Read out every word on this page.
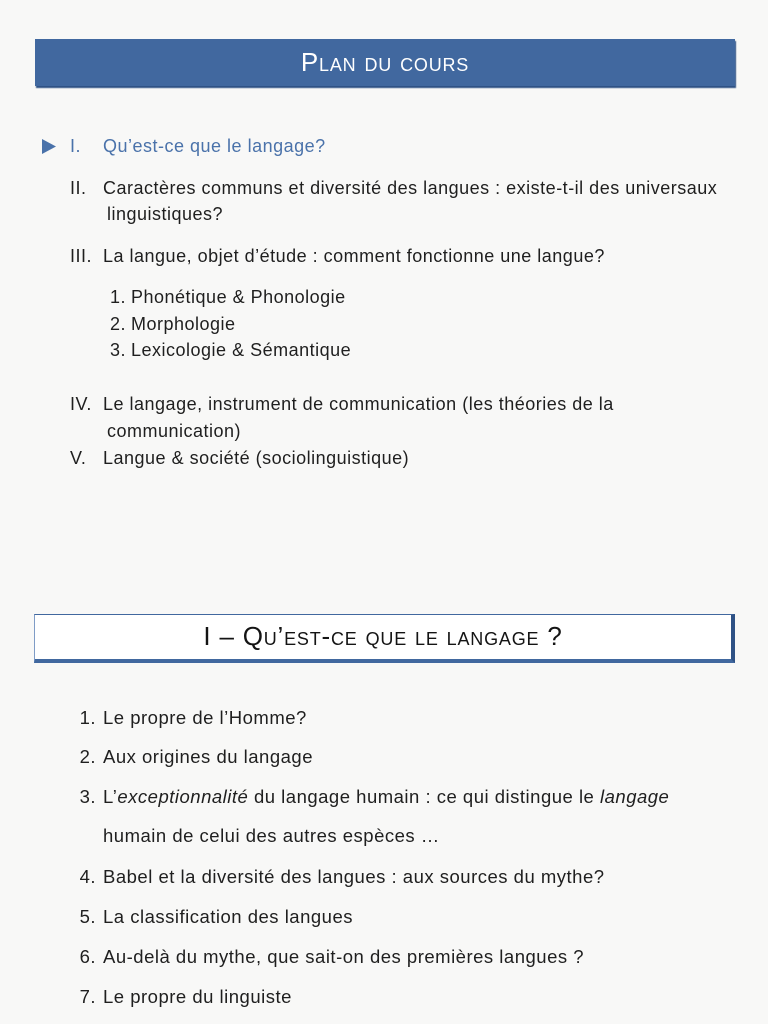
Plan du cours
I. Qu’est-ce que le langage?
II. Caractères communs et diversité des langues : existe-t-il des universaux
linguistiques?
III. La langue, objet d’étude : comment fonctionne une langue?
1. Phonétique & Phonologie
2. Morphologie
3. Lexicologie & Sémantique
IV. Le langage, instrument de communication (les théories de la
communication)
V. Langue & société (sociolinguistique)
I – Qu’est-ce que le langage ?
1. Le propre de l’Homme?
2. Aux origines du langage
3. L’exceptionnalité du langage humain : ce qui distingue le langage
humain de celui des autres espèces …
4. Babel et la diversité des langues : aux sources du mythe?
5. La classification des langues
6. Au-delà du mythe, que sait-on des premières langues ?
7. Le propre du linguiste
